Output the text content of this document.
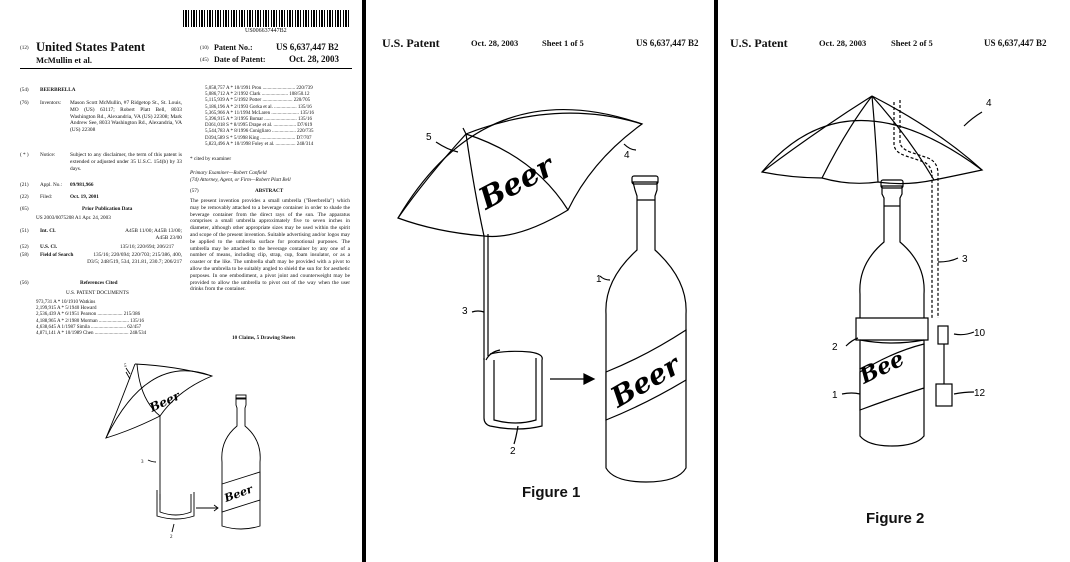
US006637447B2
(12) United States Patent
McMullin et al.
(10) Patent No.:	US 6,637,447 B2
(45) Date of Patent:	Oct. 28, 2003
(54) BEERBRELLA
(76) Inventors: Mason Scott McMullin, #7 Ridgetop St., St. Louis, MO (US) 63117; Robert Platt Bell, 8033 Washington Rd., Alexandria, VA (US) 22308; Mark Andrew See, 8033 Washington Rd., Alexandria, VA (US) 22308
( * ) Notice:	Subject to any disclaimer, the term of this patent is extended or adjusted under 35 U.S.C. 154(b) by 33 days.
(21) Appl. No.: 09/981,966
(22) Filed:	Oct. 19, 2001
(65)	Prior Publication Data
US 2003/0075208 A1 Apr. 24, 2003
(51) Int. Cl.	A45B 11/00; A45B 13/00; A45B 23/00
(52) U.S. Cl.	135/16; 220/694; 206/217
(58) Field of Search	135/16; 220/694; 220/703; 215/386, 400, D3/5; 248/519, 534, 231.81, 230.7; 206/217
(56)	References Cited
U.S. PATENT DOCUMENTS
973,731 A * 10/1910 Watkins
2,199,915 A * 5/1940 Howard
2,536,439 A * 6/1951 Pearson .................... 215/386
4,188,965 A * 2/1980 Morman ........................ 135/16
4,638,645 A 1/1987 Simila ............................ 62/457
4,871,141 A * 10/1989 Chen ........................... 248/534
5,058,757 A * 10/1991 Prou .......................... 220/739
5,086,712 A * 2/1992 Clark ..................... 108/50.12
5,115,939 A * 5/1992 Potter ........................ 220/705
5,186,196 A * 2/1993 Gorka et al. .................. 135/16
5,365,966 A * 11/1994 McLaren ...................... 135/16
5,396,915 A * 3/1995 Bomar .......................... 135/16
D361,018 S * 8/1995 Drape et al. .................. D7/619
5,544,783 A * 8/1996 Conigliaro ................... 220/735
D394,589 S * 5/1998 King ............................ D7/707
5,823,496 A * 10/1998 Foley et al. ................ 248/314
* cited by examiner
Primary Examiner—Robert Canfield
(74) Attorney, Agent, or Firm—Robert Platt Bell
(57)	ABSTRACT
The present invention provides a small umbrella ("Beerbrella") which may be removably attached to a beverage container in order to shade the beverage container from the direct rays of the sun. The apparatus comprises a small umbrella approximately five to seven inches in diameter, although other appropriate sizes may be used within the spirit and scope of the present invention. Suitable advertising and/or logos may be applied to the umbrella surface for promotional purposes. The umbrella may be attached to the beverage container by any one of a number of means, including clip, strap, cup, foam insulator, or as a coaster or the like. The umbrella shaft may be provided with a pivot to allow the umbrella to be suitably angled to shield the sun for for aesthetic purposes. In one embodiment, a pivot joint and counterweight may be provided to allow the umbrella to pivot out of the way when the user drinks from the container.
10 Claims, 5 Drawing Sheets
Beer
Beer
5
3
2
U.S. Patent	Oct. 28, 2003	Sheet 1 of 5	US 6,637,447 B2
Beer
Beer
5
4
3
1
2
Figure 1
U.S. Patent	Oct. 28, 2003	Sheet 2 of 5	US 6,637,447 B2
Bee
4
3
10
2
1	12
Figure 2
